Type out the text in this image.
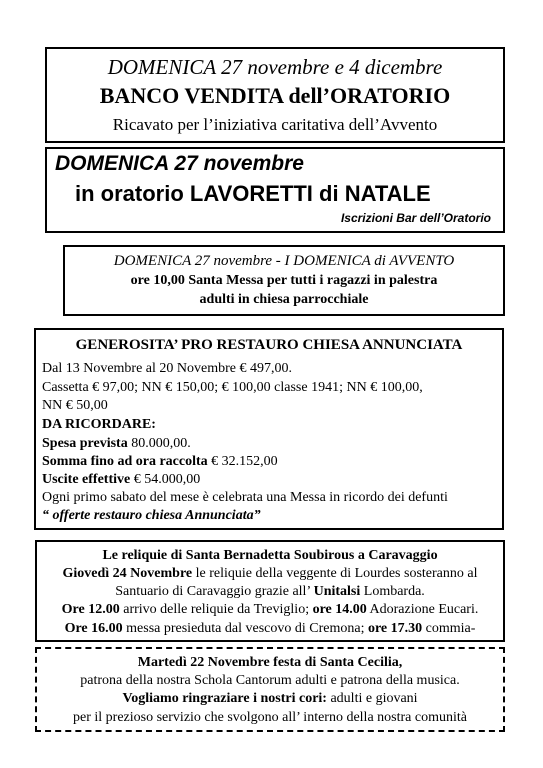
DOMENICA 27 novembre e 4 dicembre
BANCO VENDITA dell’ORATORIO
Ricavato per l’iniziativa caritativa dell’Avvento
DOMENICA 27 novembre
in oratorio LAVORETTI di NATALE
Iscrizioni Bar dell’Oratorio
DOMENICA 27 novembre - I DOMENICA di AVVENTO
ore 10,00 Santa Messa per tutti i ragazzi in palestra
adulti in chiesa parrocchiale
GENEROSITA’ PRO RESTAURO CHIESA ANNUNCIATA
Dal 13 Novembre al 20 Novembre € 497,00.
Cassetta € 97,00; NN € 150,00; € 100,00 classe 1941; NN € 100,00,
NN € 50,00
DA RICORDARE:
Spesa prevista 80.000,00.
Somma fino ad ora raccolta € 32.152,00
Uscite effettive € 54.000,00
Ogni primo sabato del mese è celebrata una Messa in ricordo dei defunti
“ offerte restauro chiesa Annunciata”
Le reliquie di Santa Bernadetta Soubirous a Caravaggio
Giovedì 24 Novembre le reliquie della veggente di Lourdes sosteranno al
Santuario di Caravaggio grazie all’ Unitalsi Lombarda.
Ore 12.00 arrivo delle reliquie da Treviglio; ore 14.00 Adorazione Eucari.
Ore 16.00 messa presieduta dal vescovo di Cremona; ore 17.30 commia-
Martedì 22 Novembre festa di Santa Cecilia,
patrona della nostra Schola Cantorum adulti e patrona della musica.
Vogliamo ringraziare i nostri cori: adulti e giovani
per il prezioso servizio che svolgono all’ interno della nostra comunità
